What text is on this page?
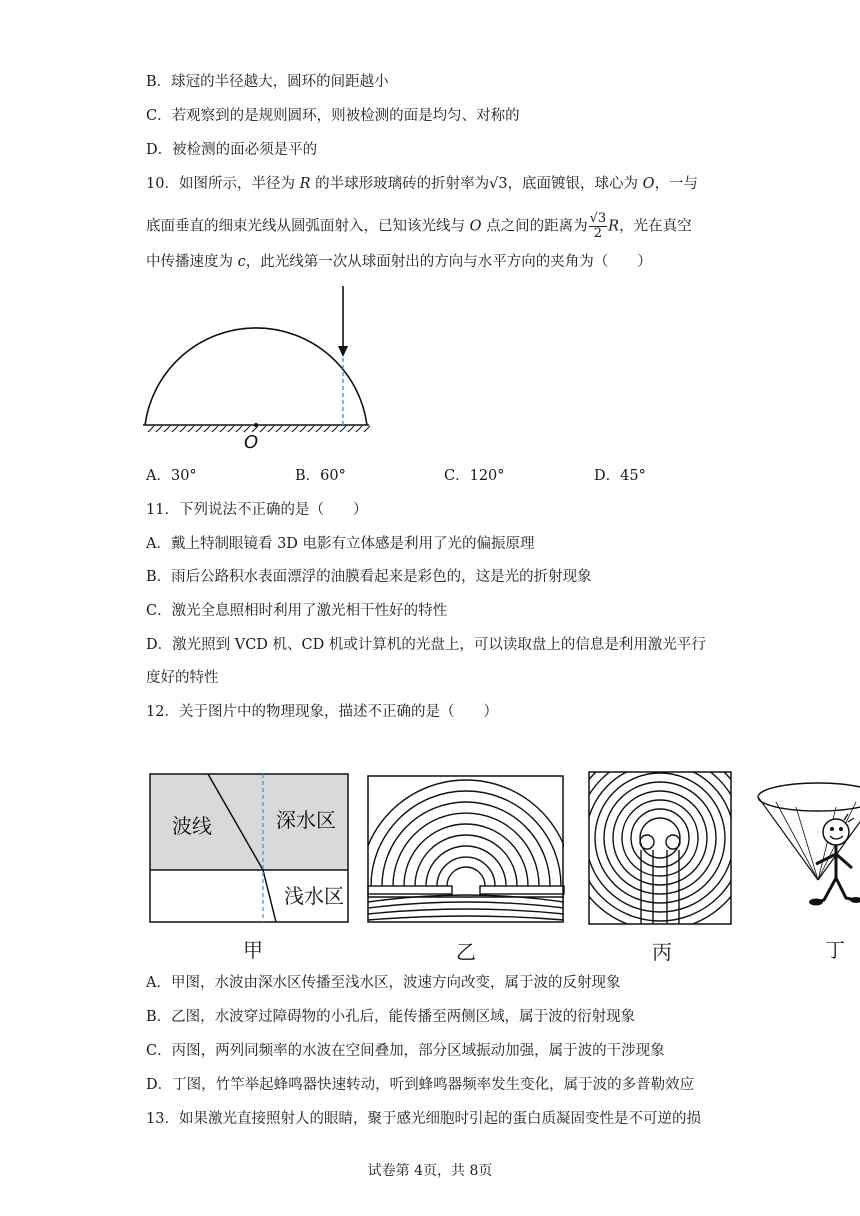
B．球冠的半径越大，圆环的间距越小
C．若观察到的是规则圆环，则被检测的面是均匀、对称的
D．被检测的面必须是平的
10．如图所示，半径为 R 的半球形玻璃砖的折射率为√3，底面镀银，球心为 O，一与
底面垂直的细束光线从圆弧面射入，已知该光线与 O 点之间的距离为 $\frac{√3}{2}$ R，光在真空
中传播速度为 c，此光线第一次从球面射出的方向与水平方向的夹角为（　　）
O
A．30°	B．60°	C．120°	D．45°
11．下列说法不正确的是（　　）
A．戴上特制眼镜看 3D 电影有立体感是利用了光的偏振原理
B．雨后公路积水表面漂浮的油膜看起来是彩色的，这是光的折射现象
C．激光全息照相时利用了激光相干性好的特性
D．激光照到 VCD 机、CD 机或计算机的光盘上，可以读取盘上的信息是利用激光平行
度好的特性
12．关于图片中的物理现象，描述不正确的是（　　）
波线	深水区
浅水区
甲	乙	丙	丁
A．甲图，水波由深水区传播至浅水区，波速方向改变，属于波的反射现象
B．乙图，水波穿过障碍物的小孔后，能传播至两侧区域，属于波的衍射现象
C．丙图，两列同频率的水波在空间叠加，部分区域振动加强，属于波的干涉现象
D．丁图，竹竿举起蜂鸣器快速转动，听到蜂鸣器频率发生变化，属于波的多普勒效应
13．如果激光直接照射人的眼睛，聚于感光细胞时引起的蛋白质凝固变性是不可逆的损
试卷第 4页，共 8页
